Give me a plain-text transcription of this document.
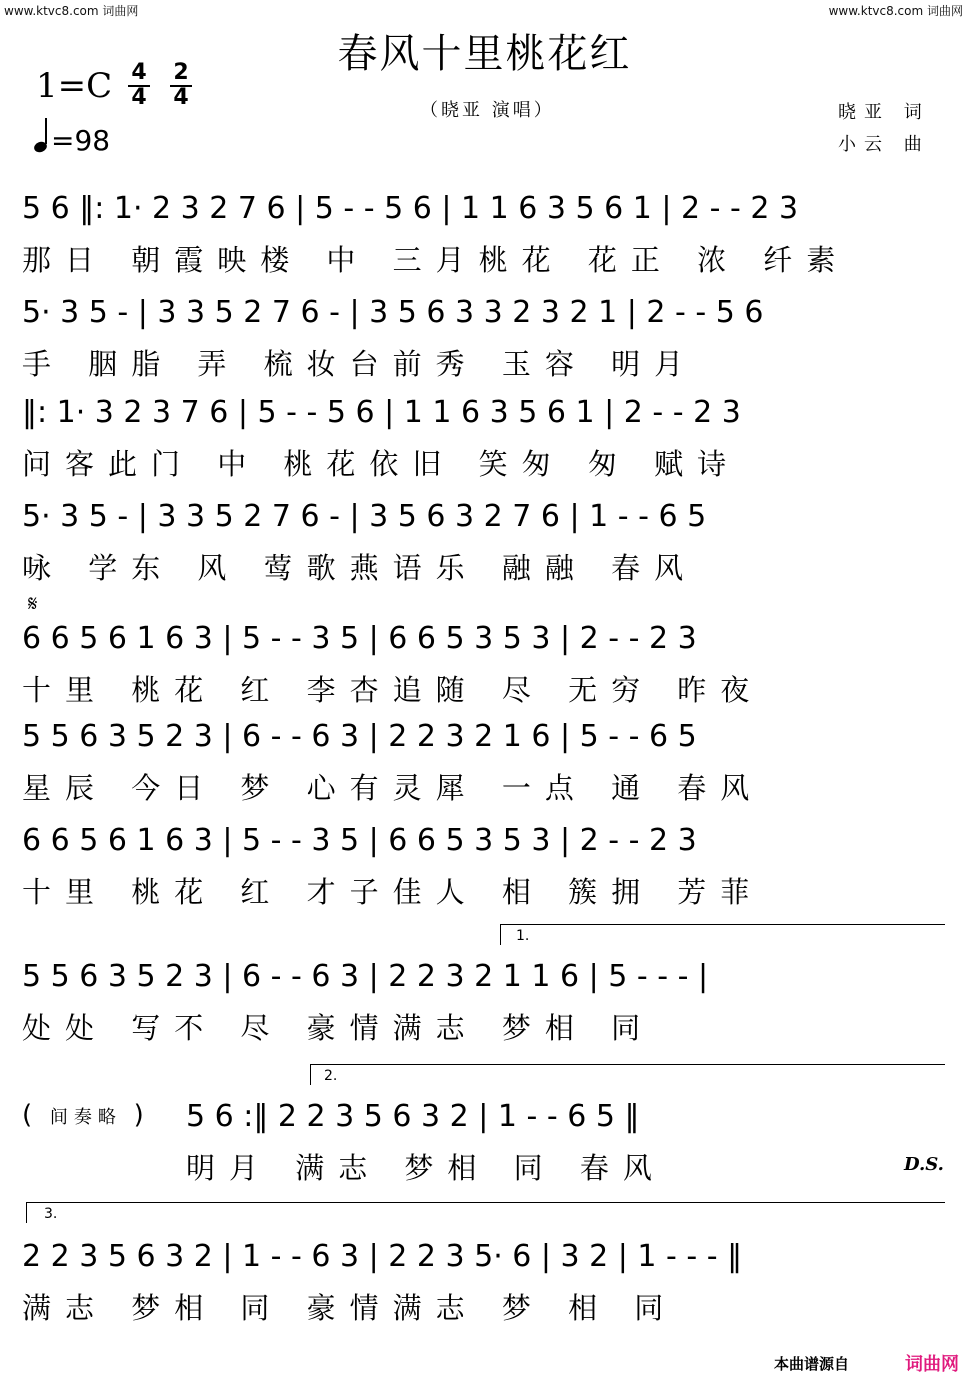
www.ktvc8.com 词曲网	www.ktvc8.com 词曲网
春风十里桃花红
$1=C \frac{4}{4} \frac{2}{4}$
=98
（晓亚 演唱）	晓亚 词
小云 曲
5 6 ‖: 1· 2 3 2 7 6 | 5 - - 5 6 | 1 1 6 3 5 6 1 | 2 - - 2 3
那日 朝霞映楼 中 三月桃花 花正 浓 纤素
5· 3 5 - | 3 3 5 2 7 6 - | 3 5 6 3 3 2 3 2 1 | 2 - - 5 6
手 胭脂 弄 梳妆台前秀 玉容 明月
‖: 1· 3 2 3 7 6 | 5 - - 5 6 | 1 1 6 3 5 6 1 | 2 - - 2 3
问客此门 中 桃花依旧 笑匆 匆 赋诗
5· 3 5 - | 3 3 5 2 7 6 - | 3 5 6 3 2 7 6 | 1 - - 6 5
咏 学东 风 莺歌燕语乐 融融 春风
𝄋
6 6 5 6 1 6 3 | 5 - - 3 5 | 6 6 5 3 5 3 | 2 - - 2 3
十里 桃花 红 李杏追随 尽 无穷 昨夜
5 5 6 3 5 2 3 | 6 - - 6 3 | 2 2 3 2 1 6 | 5 - - 6 5
星辰 今日 梦 心有灵犀 一点 通 春风
6 6 5 6 1 6 3 | 5 - - 3 5 | 6 6 5 3 5 3 | 2 - - 2 3
十里 桃花 红 才子佳人 相 簇拥 芳菲
1.
5 5 6 3 5 2 3 | 6 - - 6 3 | 2 2 3 2 1 1 6 | 5 - - - |
处处 写不 尽 豪情满志 梦相 同
( 间奏略 )
2.
5 6 :‖ 2 2 3 5 6 3 2 | 1 - - 6 5 ‖
明月 满志 梦相 同 春风	D.S.
3.
2 2 3 5 6 3 2 | 1 - - 6 3 | 2 2 3 5· 6 | 3 2 | 1 - - - ‖
满志 梦相 同 豪情满志 梦 相 同
本曲谱源自	词曲网
